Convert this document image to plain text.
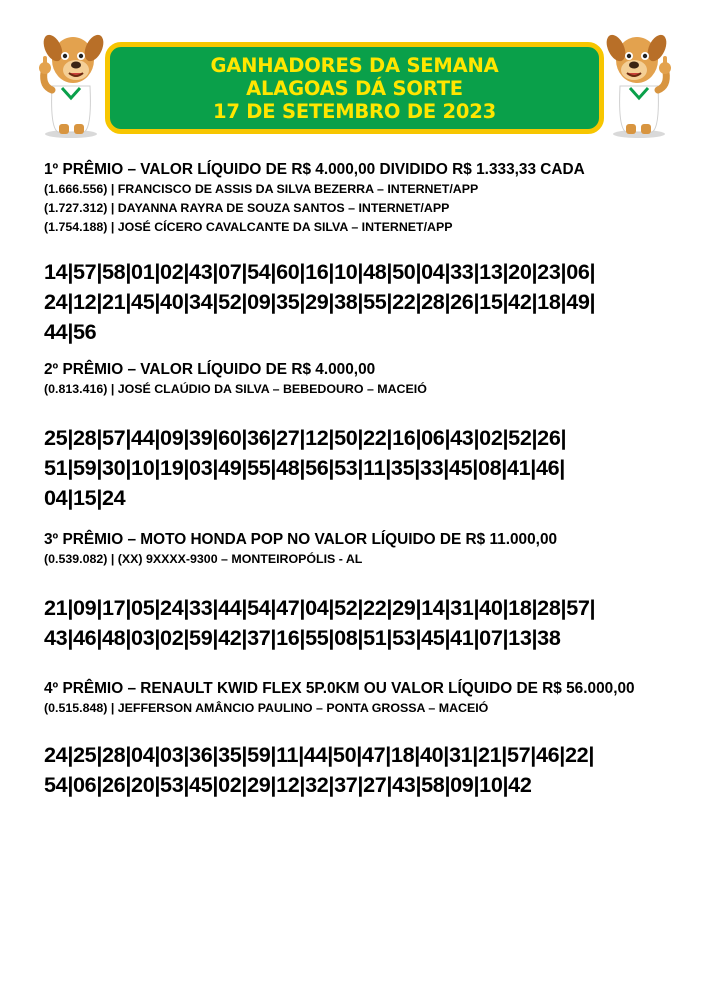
GANHADORES DA SEMANA
ALAGOAS DÁ SORTE
17 DE SETEMBRO DE 2023

1º PRÊMIO – VALOR LÍQUIDO DE R$ 4.000,00 DIVIDIDO R$ 1.333,33 CADA

(1.666.556) | FRANCISCO DE ASSIS DA SILVA BEZERRA – INTERNET/APP

(1.727.312) | DAYANNA RAYRA DE SOUZA SANTOS – INTERNET/APP

(1.754.188) | JOSÉ CÍCERO CAVALCANTE DA SILVA – INTERNET/APP

14|57|58|01|02|43|07|54|60|16|10|48|50|04|33|13|20|23|06|

24|12|21|45|40|34|52|09|35|29|38|55|22|28|26|15|42|18|49|

44|56

2º PRÊMIO – VALOR LÍQUIDO DE R$ 4.000,00

(0.813.416) | JOSÉ CLAÚDIO DA SILVA – BEBEDOURO – MACEIÓ

25|28|57|44|09|39|60|36|27|12|50|22|16|06|43|02|52|26|

51|59|30|10|19|03|49|55|48|56|53|11|35|33|45|08|41|46|

04|15|24

3º PRÊMIO – MOTO HONDA POP NO VALOR LÍQUIDO DE R$ 11.000,00

(0.539.082) | (XX) 9XXXX-9300 – MONTEIROPÓLIS - AL

21|09|17|05|24|33|44|54|47|04|52|22|29|14|31|40|18|28|57|

43|46|48|03|02|59|42|37|16|55|08|51|53|45|41|07|13|38

4º PRÊMIO – RENAULT KWID FLEX 5P.0KM OU VALOR LÍQUIDO DE R$ 56.000,00

(0.515.848) | JEFFERSON AMÂNCIO PAULINO – PONTA GROSSA – MACEIÓ

24|25|28|04|03|36|35|59|11|44|50|47|18|40|31|21|57|46|22|

54|06|26|20|53|45|02|29|12|32|37|27|43|58|09|10|42
